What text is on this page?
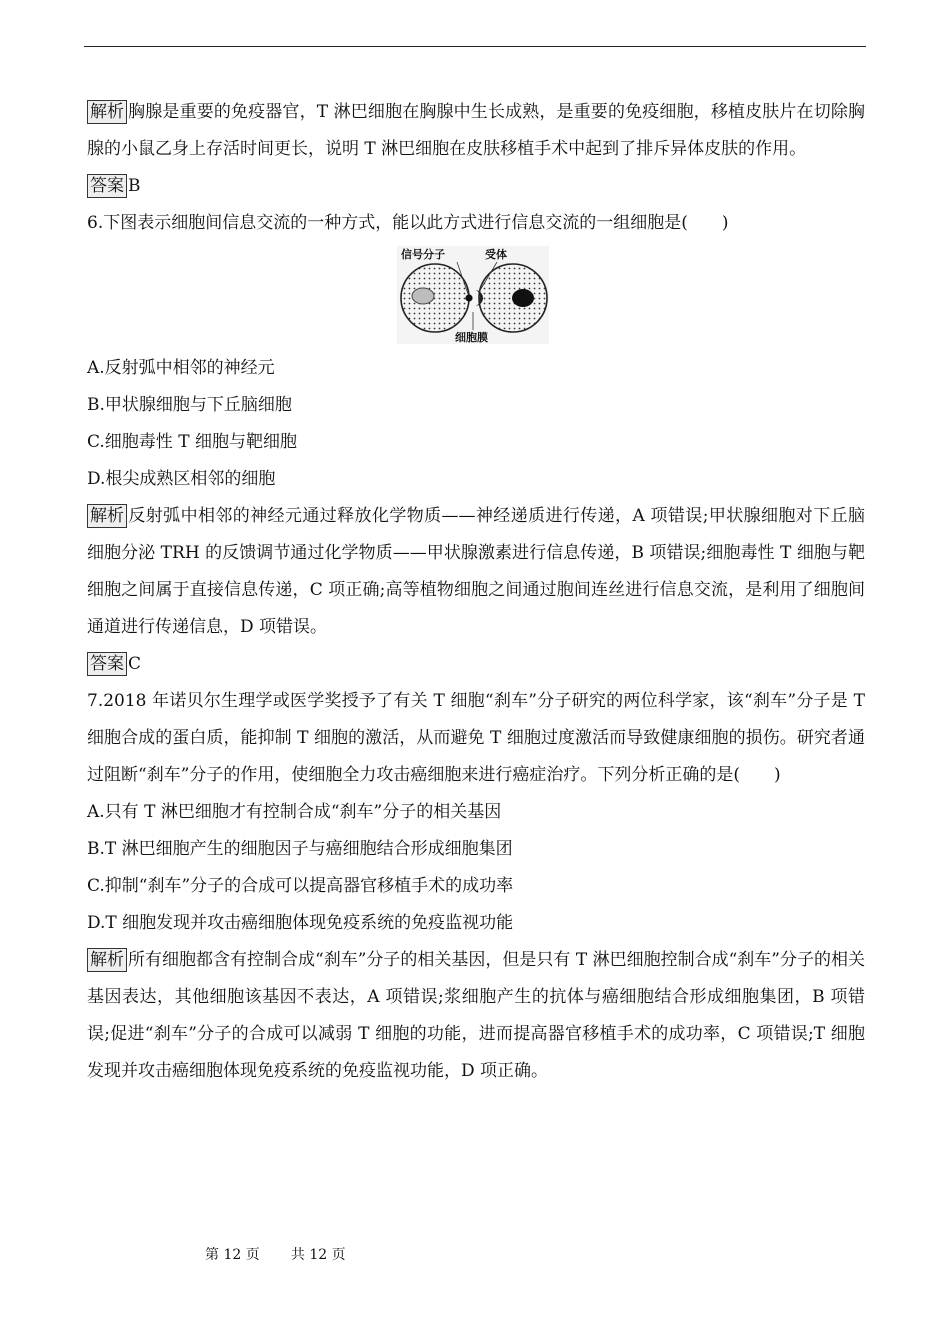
解析 胸腺是重要的免疫器官，T 淋巴细胞在胸腺中生长成熟，是重要的免疫细胞，移植皮肤片在切除胸腺的小鼠乙身上存活时间更长，说明 T 淋巴细胞在皮肤移植手术中起到了排斥异体皮肤的作用。
答案 B
6.下图表示细胞间信息交流的一种方式，能以此方式进行信息交流的一组细胞是(　　)
信号分子	受体
细胞膜
A.反射弧中相邻的神经元
B.甲状腺细胞与下丘脑细胞
C.细胞毒性 T 细胞与靶细胞
D.根尖成熟区相邻的细胞
解析 反射弧中相邻的神经元通过释放化学物质——神经递质进行传递，A 项错误;甲状腺细胞对下丘脑细胞分泌 TRH 的反馈调节通过化学物质——甲状腺激素进行信息传递，B 项错误;细胞毒性 T 细胞与靶细胞之间属于直接信息传递，C 项正确;高等植物细胞之间通过胞间连丝进行信息交流，是利用了细胞间通道进行传递信息，D 项错误。
答案 C
7.2018 年诺贝尔生理学或医学奖授予了有关 T 细胞“刹车”分子研究的两位科学家，该“刹车”分子是 T 细胞合成的蛋白质，能抑制 T 细胞的激活，从而避免 T 细胞过度激活而导致健康细胞的损伤。研究者通过阻断“刹车”分子的作用，使细胞全力攻击癌细胞来进行癌症治疗。下列分析正确的是(　　)
A.只有 T 淋巴细胞才有控制合成“刹车”分子的相关基因
B.T 淋巴细胞产生的细胞因子与癌细胞结合形成细胞集团
C.抑制“刹车”分子的合成可以提高器官移植手术的成功率
D.T 细胞发现并攻击癌细胞体现免疫系统的免疫监视功能
解析 所有细胞都含有控制合成“刹车”分子的相关基因，但是只有 T 淋巴细胞控制合成“刹车”分子的相关基因表达，其他细胞该基因不表达，A 项错误;浆细胞产生的抗体与癌细胞结合形成细胞集团，B 项错误;促进“刹车”分子的合成可以减弱 T 细胞的功能，进而提高器官移植手术的成功率，C 项错误;T 细胞发现并攻击癌细胞体现免疫系统的免疫监视功能，D 项正确。
第 12 页 共 12 页
